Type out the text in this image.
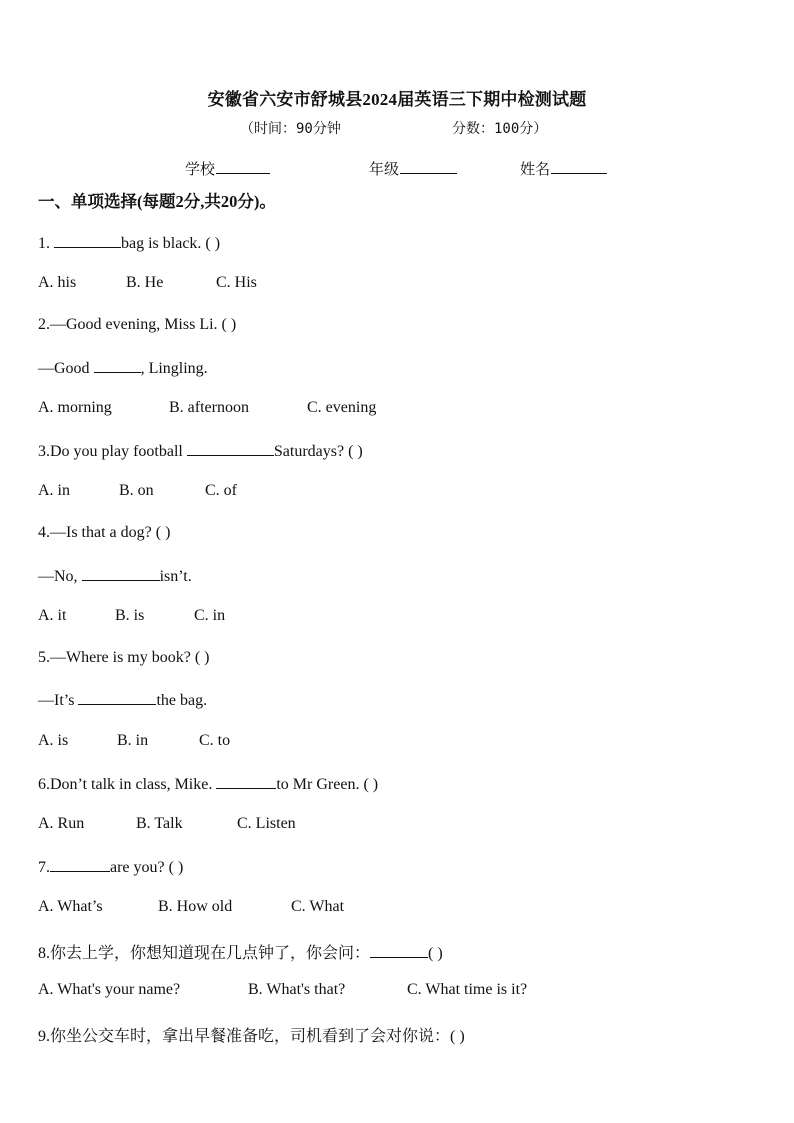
安徽省六安市舒城县2024届英语三下期中检测试题
（时间：90分钟	分数：100分）
学校	年级	姓名
一、单项选择(每题2分,共20分)。
1.	bag is black. ( )
A. his	B. He	C. His
2.—Good evening, Miss Li. ( )
—Good	, Lingling.
A. morning	B. afternoon	C. evening
3.Do you play football	Saturdays? ( )
A. in	B. on	C. of
4.—Is that a dog? ( )
—No,	isn’t.
A. it	B. is	C. in
5.—Where is my book? ( )
—It’s	the bag.
A. is	B. in	C. to
6.Don’t talk in class, Mike.	to Mr Green. ( )
A. Run	B. Talk	C. Listen
7.	are you? ( )
A. What’s	B. How old	C. What
8.你去上学，你想知道现在几点钟了，你会问：	( )
A. What's your name?	B. What's that?	C. What time is it?
9.你坐公交车时，拿出早餐准备吃，司机看到了会对你说：( )
